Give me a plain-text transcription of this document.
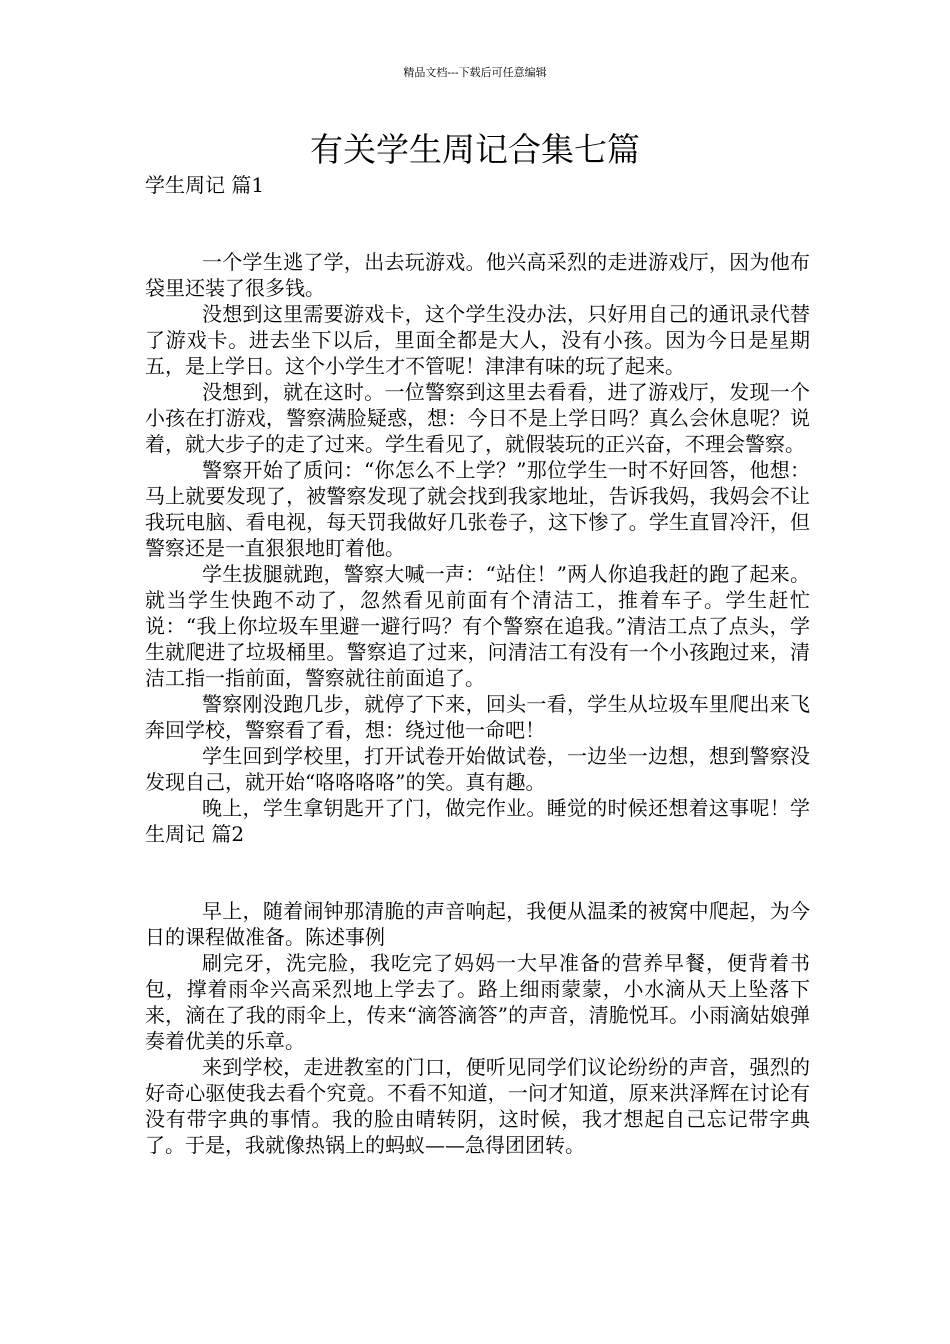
精品文档---下载后可任意编辑
有关学生周记合集七篇
学生周记 篇1

一个学生逃了学，出去玩游戏。他兴高采烈的走进游戏厅，因为他布袋里还装了很多钱。

没想到这里需要游戏卡，这个学生没办法，只好用自己的通讯录代替了游戏卡。进去坐下以后，里面全都是大人，没有小孩。因为今日是星期五，是上学日。这个小学生才不管呢！津津有味的玩了起来。

没想到，就在这时。一位警察到这里去看看，进了游戏厅，发现一个小孩在打游戏，警察满脸疑惑，想：今日不是上学日吗？真么会休息呢？说着，就大步子的走了过来。学生看见了，就假装玩的正兴奋，不理会警察。

警察开始了质问：“你怎么不上学？”那位学生一时不好回答，他想：马上就要发现了，被警察发现了就会找到我家地址，告诉我妈，我妈会不让我玩电脑、看电视，每天罚我做好几张卷子，这下惨了。学生直冒冷汗，但警察还是一直狠狠地盯着他。

学生拔腿就跑，警察大喊一声：“站住！”两人你追我赶的跑了起来。就当学生快跑不动了，忽然看见前面有个清洁工，推着车子。学生赶忙说：“我上你垃圾车里避一避行吗？有个警察在追我。”清洁工点了点头，学生就爬进了垃圾桶里。警察追了过来，问清洁工有没有一个小孩跑过来，清洁工指一指前面，警察就往前面追了。

警察刚没跑几步，就停了下来，回头一看，学生从垃圾车里爬出来飞奔回学校，警察看了看，想：绕过他一命吧！

学生回到学校里，打开试卷开始做试卷，一边坐一边想，想到警察没发现自己，就开始“咯咯咯咯”的笑。真有趣。

晚上，学生拿钥匙开了门，做完作业。睡觉的时候还想着这事呢！学生周记 篇2

早上，随着闹钟那清脆的声音响起，我便从温柔的被窝中爬起，为今日的课程做准备。陈述事例

刷完牙，洗完脸，我吃完了妈妈一大早准备的营养早餐，便背着书包，撑着雨伞兴高采烈地上学去了。路上细雨蒙蒙，小水滴从天上坠落下来，滴在了我的雨伞上，传来“滴答滴答”的声音，清脆悦耳。小雨滴姑娘弹奏着优美的乐章。

来到学校，走进教室的门口，便听见同学们议论纷纷的声音，强烈的好奇心驱使我去看个究竟。不看不知道，一问才知道，原来洪泽辉在讨论有没有带字典的事情。我的脸由晴转阴，这时候，我才想起自己忘记带字典了。于是，我就像热锅上的蚂蚁——急得团团转。
